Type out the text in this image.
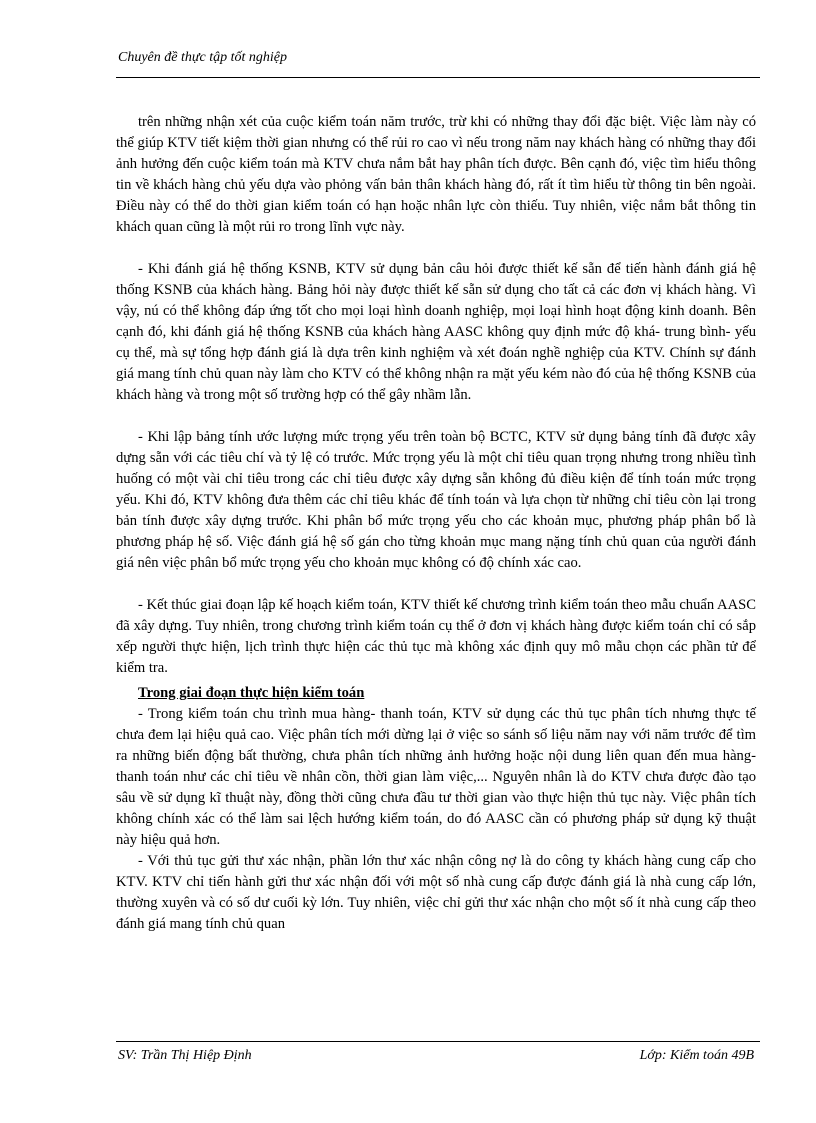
Chuyên đề thực tập tốt nghiệp

trên những nhận xét của cuộc kiểm toán năm trước, trừ khi có những thay đổi đặc biệt. Việc làm này có thể giúp KTV tiết kiệm thời gian nhưng có thể rủi ro cao vì nếu trong năm nay khách hàng có những thay đổi ảnh hưởng đến cuộc kiểm toán mà KTV chưa nắm bắt hay phân tích được. Bên cạnh đó, việc tìm hiểu thông tin về khách hàng chủ yếu dựa vào phỏng vấn bản thân khách hàng đó, rất ít tìm hiểu từ thông tin bên ngoài. Điều này có thể do thời gian kiểm toán có hạn hoặc nhân lực còn thiếu. Tuy nhiên, việc nắm bắt thông tin khách quan cũng là một rủi ro trong lĩnh vực này.

- Khi đánh giá hệ thống KSNB, KTV sử dụng bản câu hỏi được thiết kế sẵn để tiến hành đánh giá hệ thống KSNB của khách hàng. Bảng hỏi này được thiết kế sẵn sử dụng cho tất cả các đơn vị khách hàng. Vì vậy, nú có thể không đáp ứng tốt cho mọi loại hình doanh nghiệp, mọi loại hình hoạt động kinh doanh. Bên cạnh đó, khi đánh giá hệ thống KSNB của khách hàng AASC không quy định mức độ khá- trung bình- yếu cụ thể, mà sự tổng hợp đánh giá là dựa trên kinh nghiệm và xét đoán nghề nghiệp của KTV. Chính sự đánh giá mang tính chủ quan này làm cho KTV có thể không nhận ra mặt yếu kém nào đó của hệ thống KSNB của khách hàng và trong một số trường hợp có thể gây nhầm lẫn.

- Khi lập bảng tính ước lượng mức trọng yếu trên toàn bộ BCTC, KTV sử dụng bảng tính đã được xây dựng sẵn với các tiêu chí và tỷ lệ có trước. Mức trọng yếu là một chỉ tiêu quan trọng nhưng trong nhiều tình huống có một vài chỉ tiêu trong các chỉ tiêu được xây dựng sẵn không đủ điều kiện để tính toán mức trọng yếu. Khi đó, KTV không đưa thêm các chỉ tiêu khác để tính toán và lựa chọn từ những chỉ tiêu còn lại trong bản tính được xây dựng trước. Khi phân bổ mức trọng yếu cho các khoản mục, phương pháp phân bổ là phương pháp hệ số. Việc đánh giá hệ số gán cho từng khoản mục mang nặng tính chủ quan của người đánh giá nên việc phân bổ mức trọng yếu cho khoản mục không có độ chính xác cao.

- Kết thúc giai đoạn lập kế hoạch kiểm toán, KTV thiết kế chương trình kiểm toán theo mẫu chuẩn AASC đã xây dựng. Tuy nhiên, trong chương trình kiểm toán cụ thể ở đơn vị khách hàng được kiểm toán chỉ có sắp xếp người thực hiện, lịch trình thực hiện các thủ tục mà không xác định quy mô mẫu chọn các phần tử để kiểm tra.

Trong giai đoạn thực hiện kiểm toán

- Trong kiểm toán chu trình mua hàng- thanh toán, KTV sử dụng các thủ tục phân tích nhưng thực tế chưa đem lại hiệu quả cao. Việc phân tích mới dừng lại ở việc so sánh số liệu năm nay với năm trước để tìm ra những biến động bất thường, chưa phân tích những ảnh hưởng hoặc nội dung liên quan đến mua hàng- thanh toán như các chỉ tiêu về nhân cồn, thời gian làm việc,... Nguyên nhân là do KTV chưa được đào tạo sâu về sử dụng kĩ thuật này, đồng thời cũng chưa đầu tư thời gian vào thực hiện thủ tục này. Việc phân tích không chính xác có thể làm sai lệch hướng kiểm toán, do đó AASC cần có phương pháp sử dụng kỹ thuật này hiệu quả hơn.

- Với thủ tục gửi thư xác nhận, phần lớn thư xác nhận công nợ là do công ty khách hàng cung cấp cho KTV. KTV chỉ tiến hành gửi thư xác nhận đối với một số nhà cung cấp được đánh giá là nhà cung cấp lớn, thường xuyên và có số dư cuối kỳ lớn. Tuy nhiên, việc chỉ gửi thư xác nhận cho một số ít nhà cung cấp theo đánh giá mang tính chủ quan

SV: Trần Thị Hiệp Định	Lớp: Kiểm toán 49B
